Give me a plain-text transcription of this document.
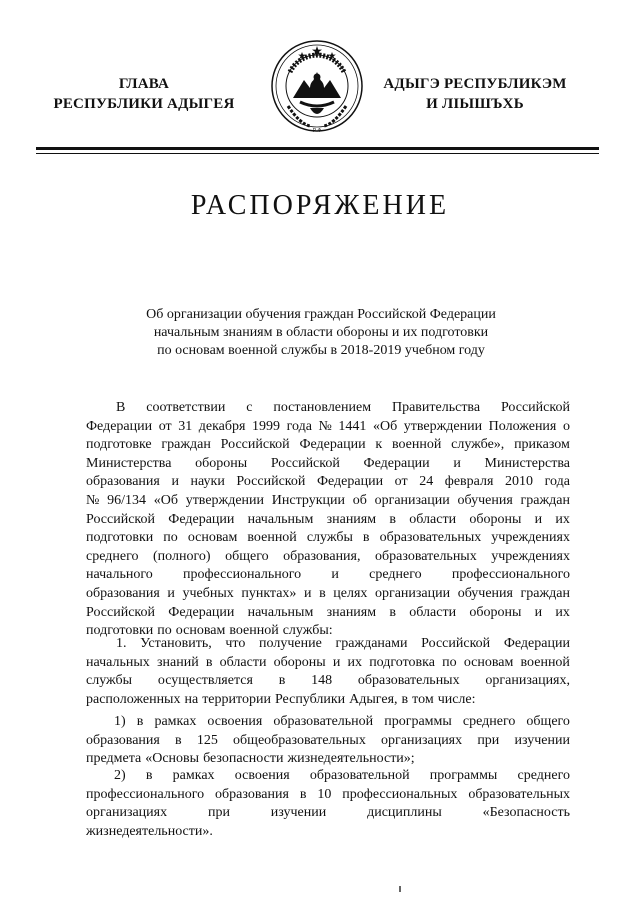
ГЛАВА
РЕСПУБЛИКИ АДЫГЕЯ
Р Ф
АДЫГЭ РЕСПУБЛИКЭМ
И ЛІЫШЪХЬ
РАСПОРЯЖЕНИЕ
Об организации обучения граждан Российской Федерации
начальным знаниям в области обороны и их подготовки
по основам военной службы в 2018-2019 учебном году
В соответствии с постановлением Правительства Российской
Федерации от 31 декабря 1999 года № 1441 «Об утверждении Положения о
подготовке граждан Российской Федерации к военной службе», приказом
Министерства обороны Российской Федерации и Министерства
образования и науки Российской Федерации от 24 февраля 2010 года
№ 96/134 «Об утверждении Инструкции об организации обучения граждан
Российской Федерации начальным знаниям в области обороны и их
подготовки по основам военной службы в образовательных учреждениях
среднего (полного) общего образования, образовательных учреждениях
начального профессионального и среднего профессионального
образования и учебных пунктах» и в целях организации обучения граждан
Российской Федерации начальным знаниям в области обороны и их
подготовки по основам военной службы:
1. Установить, что получение гражданами Российской Федерации
начальных знаний в области обороны и их подготовка по основам военной
службы осуществляется в 148 образовательных организациях,
расположенных на территории Республики Адыгея, в том числе:
1) в рамках освоения образовательной программы среднего общего
образования в 125 общеобразовательных организациях при изучении
предмета «Основы безопасности жизнедеятельности»;
2) в рамках освоения образовательной программы среднего
профессионального образования в 10 профессиональных образовательных
организациях	при	изучении	дисциплины	«Безопасность
жизнедеятельности».
